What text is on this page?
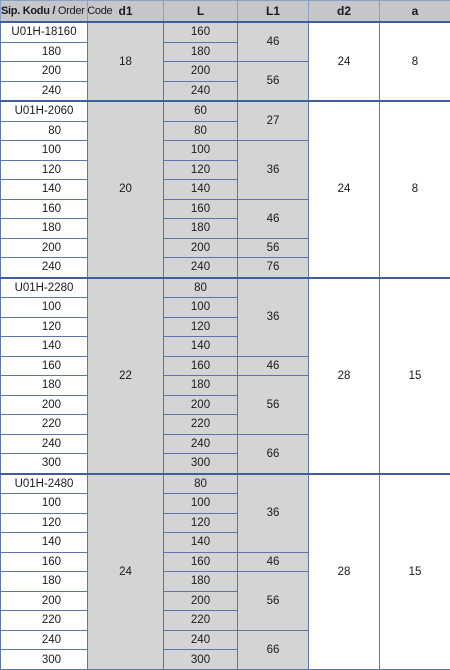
Sip. Kodu / Order Code	d1	L	L1	d2	a
U01H-18160	18	160	46	24	8
180		180			
200		200	56		
240		240			
U01H-2060	20	60	27	24	8
80		80			
100		100	36		
120		120			
140		140			
160		160	46		
180		180			
200		200	56		
240		240	76		
U01H-2280	22	80	36	28	15
100		100			
120		120			
140		140			
160		160	46		
180		180	56		
200		200			
220		220			
240		240	66		
300		300			
U01H-2480	24	80	36	28	15
100		100			
120		120			
140		140			
160		160	46		
180		180	56		
200		200			
220		220			
240		240	66		
300		300			
